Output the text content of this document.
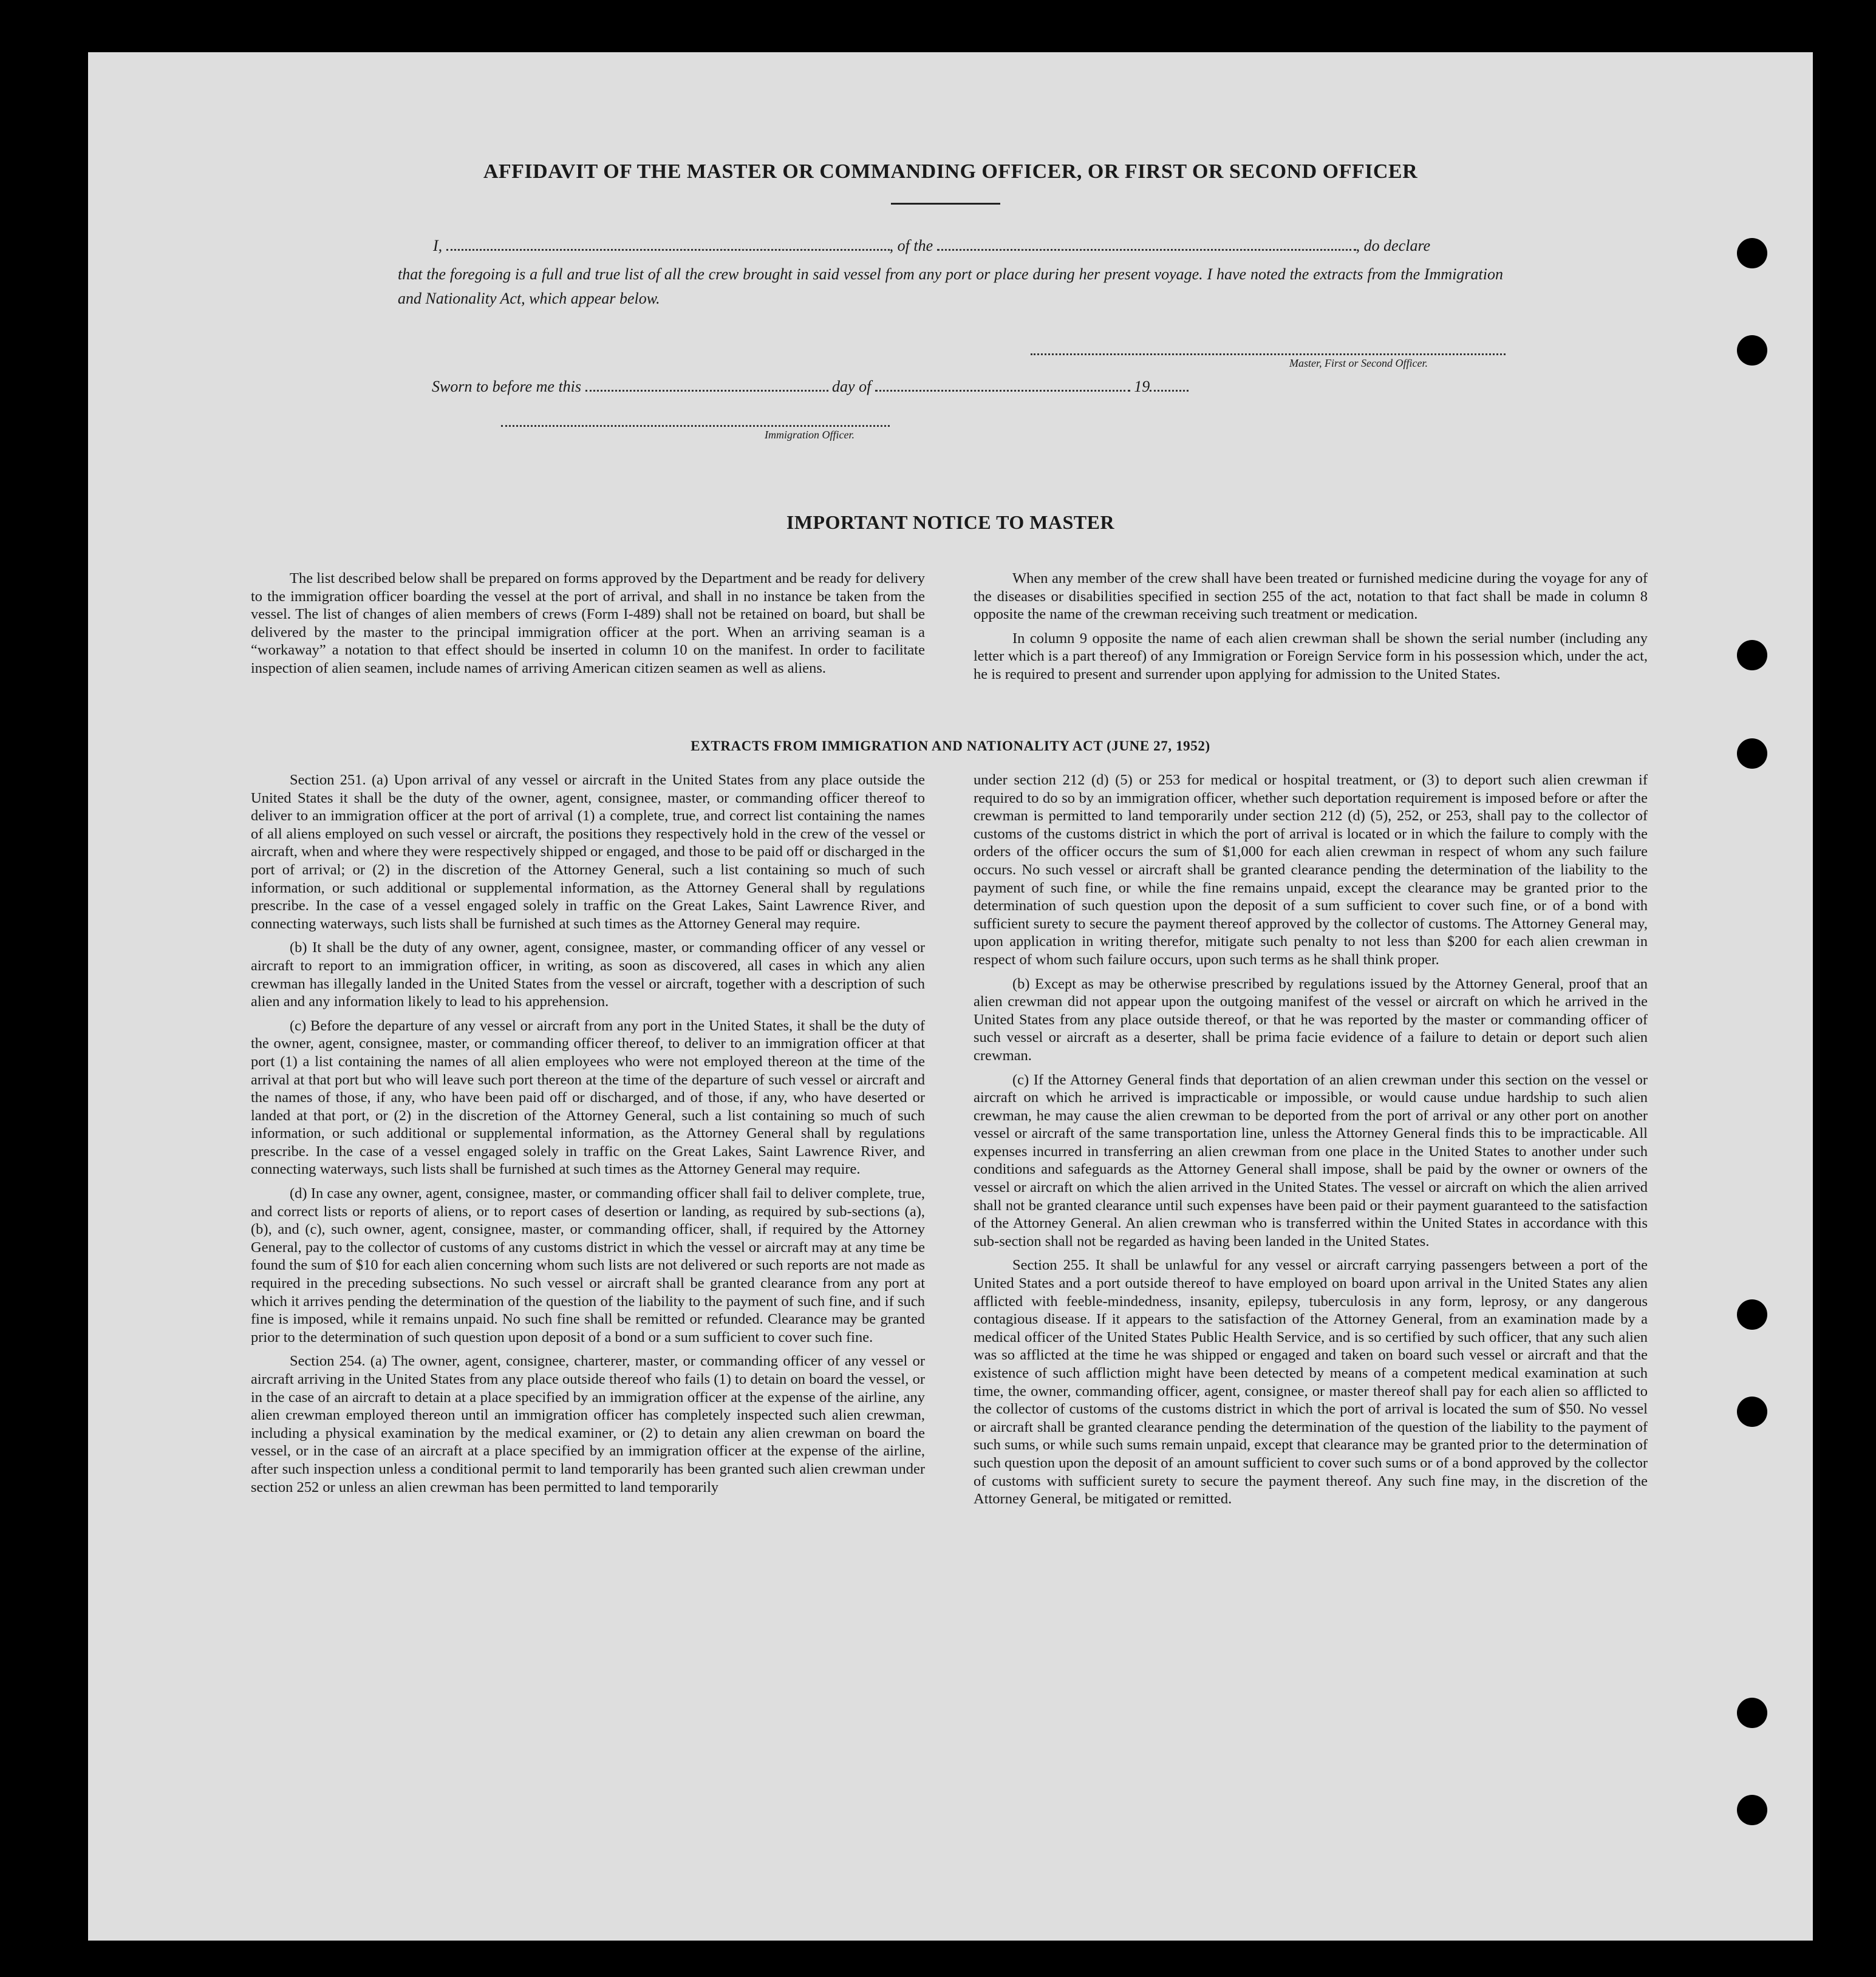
AFFIDAVIT OF THE MASTER OR COMMANDING OFFICER, OR FIRST OR SECOND OFFICER
I,	, of the	, do declare
that the foregoing is a full and true list of all the crew brought in said vessel from any port or place during her present voyage. I have noted the extracts from the Immigration and Nationality Act, which appear below.
Master, First or Second Officer.
Sworn to before me this	day of	19
Immigration Officer.
IMPORTANT NOTICE TO MASTER

The list described below shall be prepared on forms approved by the Department and be ready for delivery to the immigration officer boarding the vessel at the port of arrival, and shall in no instance be taken from the vessel. The list of changes of alien members of crews (Form I-489) shall not be retained on board, but shall be delivered by the master to the principal immigration officer at the port. When an arriving seaman is a “workaway” a notation to that effect should be inserted in column 10 on the manifest. In order to facilitate inspection of alien seamen, include names of arriving American citizen seamen as well as aliens.

When any member of the crew shall have been treated or furnished medicine during the voyage for any of the diseases or disabilities specified in section 255 of the act, notation to that fact shall be made in column 8 opposite the name of the crewman receiving such treatment or medication.

In column 9 opposite the name of each alien crewman shall be shown the serial number (including any letter which is a part thereof) of any Immigration or Foreign Service form in his possession which, under the act, he is required to present and surrender upon applying for admission to the United States.

EXTRACTS FROM IMMIGRATION AND NATIONALITY ACT (JUNE 27, 1952)

Section 251. (a) Upon arrival of any vessel or aircraft in the United States from any place outside the United States it shall be the duty of the owner, agent, consignee, master, or commanding officer thereof to deliver to an immigration officer at the port of arrival (1) a complete, true, and correct list containing the names of all aliens employed on such vessel or aircraft, the positions they respectively hold in the crew of the vessel or aircraft, when and where they were respectively shipped or engaged, and those to be paid off or discharged in the port of arrival; or (2) in the discretion of the Attorney General, such a list containing so much of such information, or such additional or supplemental information, as the Attorney General shall by regulations prescribe. In the case of a vessel engaged solely in traffic on the Great Lakes, Saint Lawrence River, and connecting waterways, such lists shall be furnished at such times as the Attorney General may require.

(b) It shall be the duty of any owner, agent, consignee, master, or commanding officer of any vessel or aircraft to report to an immigration officer, in writing, as soon as discovered, all cases in which any alien crewman has illegally landed in the United States from the vessel or aircraft, together with a description of such alien and any information likely to lead to his apprehension.

(c) Before the departure of any vessel or aircraft from any port in the United States, it shall be the duty of the owner, agent, consignee, master, or commanding officer thereof, to deliver to an immigration officer at that port (1) a list containing the names of all alien employees who were not employed thereon at the time of the arrival at that port but who will leave such port thereon at the time of the departure of such vessel or aircraft and the names of those, if any, who have been paid off or discharged, and of those, if any, who have deserted or landed at that port, or (2) in the discretion of the Attorney General, such a list containing so much of such information, or such additional or supplemental information, as the Attorney General shall by regulations prescribe. In the case of a vessel engaged solely in traffic on the Great Lakes, Saint Lawrence River, and connecting waterways, such lists shall be furnished at such times as the Attorney General may require.

(d) In case any owner, agent, consignee, master, or commanding officer shall fail to deliver complete, true, and correct lists or reports of aliens, or to report cases of desertion or landing, as required by sub-sections (a), (b), and (c), such owner, agent, consignee, master, or commanding officer, shall, if required by the Attorney General, pay to the collector of customs of any customs district in which the vessel or aircraft may at any time be found the sum of $10 for each alien concerning whom such lists are not delivered or such reports are not made as required in the preceding subsections. No such vessel or aircraft shall be granted clearance from any port at which it arrives pending the determination of the question of the liability to the payment of such fine, and if such fine is imposed, while it remains unpaid. No such fine shall be remitted or refunded. Clearance may be granted prior to the determination of such question upon deposit of a bond or a sum sufficient to cover such fine.

Section 254. (a) The owner, agent, consignee, charterer, master, or commanding officer of any vessel or aircraft arriving in the United States from any place outside thereof who fails (1) to detain on board the vessel, or in the case of an aircraft to detain at a place specified by an immigration officer at the expense of the airline, any alien crewman employed thereon until an immigration officer has completely inspected such alien crewman, including a physical examination by the medical examiner, or (2) to detain any alien crewman on board the vessel, or in the case of an aircraft at a place specified by an immigration officer at the expense of the airline, after such inspection unless a conditional permit to land temporarily has been granted such alien crewman under section 252 or unless an alien crewman has been permitted to land temporarily

under section 212 (d) (5) or 253 for medical or hospital treatment, or (3) to deport such alien crewman if required to do so by an immigration officer, whether such deportation requirement is imposed before or after the crewman is permitted to land temporarily under section 212 (d) (5), 252, or 253, shall pay to the collector of customs of the customs district in which the port of arrival is located or in which the failure to comply with the orders of the officer occurs the sum of $1,000 for each alien crewman in respect of whom any such failure occurs. No such vessel or aircraft shall be granted clearance pending the determination of the liability to the payment of such fine, or while the fine remains unpaid, except the clearance may be granted prior to the determination of such question upon the deposit of a sum sufficient to cover such fine, or of a bond with sufficient surety to secure the payment thereof approved by the collector of customs. The Attorney General may, upon application in writing therefor, mitigate such penalty to not less than $200 for each alien crewman in respect of whom such failure occurs, upon such terms as he shall think proper.

(b) Except as may be otherwise prescribed by regulations issued by the Attorney General, proof that an alien crewman did not appear upon the outgoing manifest of the vessel or aircraft on which he arrived in the United States from any place outside thereof, or that he was reported by the master or commanding officer of such vessel or aircraft as a deserter, shall be prima facie evidence of a failure to detain or deport such alien crewman.

(c) If the Attorney General finds that deportation of an alien crewman under this section on the vessel or aircraft on which he arrived is impracticable or impossible, or would cause undue hardship to such alien crewman, he may cause the alien crewman to be deported from the port of arrival or any other port on another vessel or aircraft of the same transportation line, unless the Attorney General finds this to be impracticable. All expenses incurred in transferring an alien crewman from one place in the United States to another under such conditions and safeguards as the Attorney General shall impose, shall be paid by the owner or owners of the vessel or aircraft on which the alien arrived in the United States. The vessel or aircraft on which the alien arrived shall not be granted clearance until such expenses have been paid or their payment guaranteed to the satisfaction of the Attorney General. An alien crewman who is transferred within the United States in accordance with this sub-section shall not be regarded as having been landed in the United States.

Section 255. It shall be unlawful for any vessel or aircraft carrying passengers between a port of the United States and a port outside thereof to have employed on board upon arrival in the United States any alien afflicted with feeble-mindedness, insanity, epilepsy, tuberculosis in any form, leprosy, or any dangerous contagious disease. If it appears to the satisfaction of the Attorney General, from an examination made by a medical officer of the United States Public Health Service, and is so certified by such officer, that any such alien was so afflicted at the time he was shipped or engaged and taken on board such vessel or aircraft and that the existence of such affliction might have been detected by means of a competent medical examination at such time, the owner, commanding officer, agent, consignee, or master thereof shall pay for each alien so afflicted to the collector of customs of the customs district in which the port of arrival is located the sum of $50. No vessel or aircraft shall be granted clearance pending the determination of the question of the liability to the payment of such sums, or while such sums remain unpaid, except that clearance may be granted prior to the determination of such question upon the deposit of an amount sufficient to cover such sums or of a bond approved by the collector of customs with sufficient surety to secure the payment thereof. Any such fine may, in the discretion of the Attorney General, be mitigated or remitted.
